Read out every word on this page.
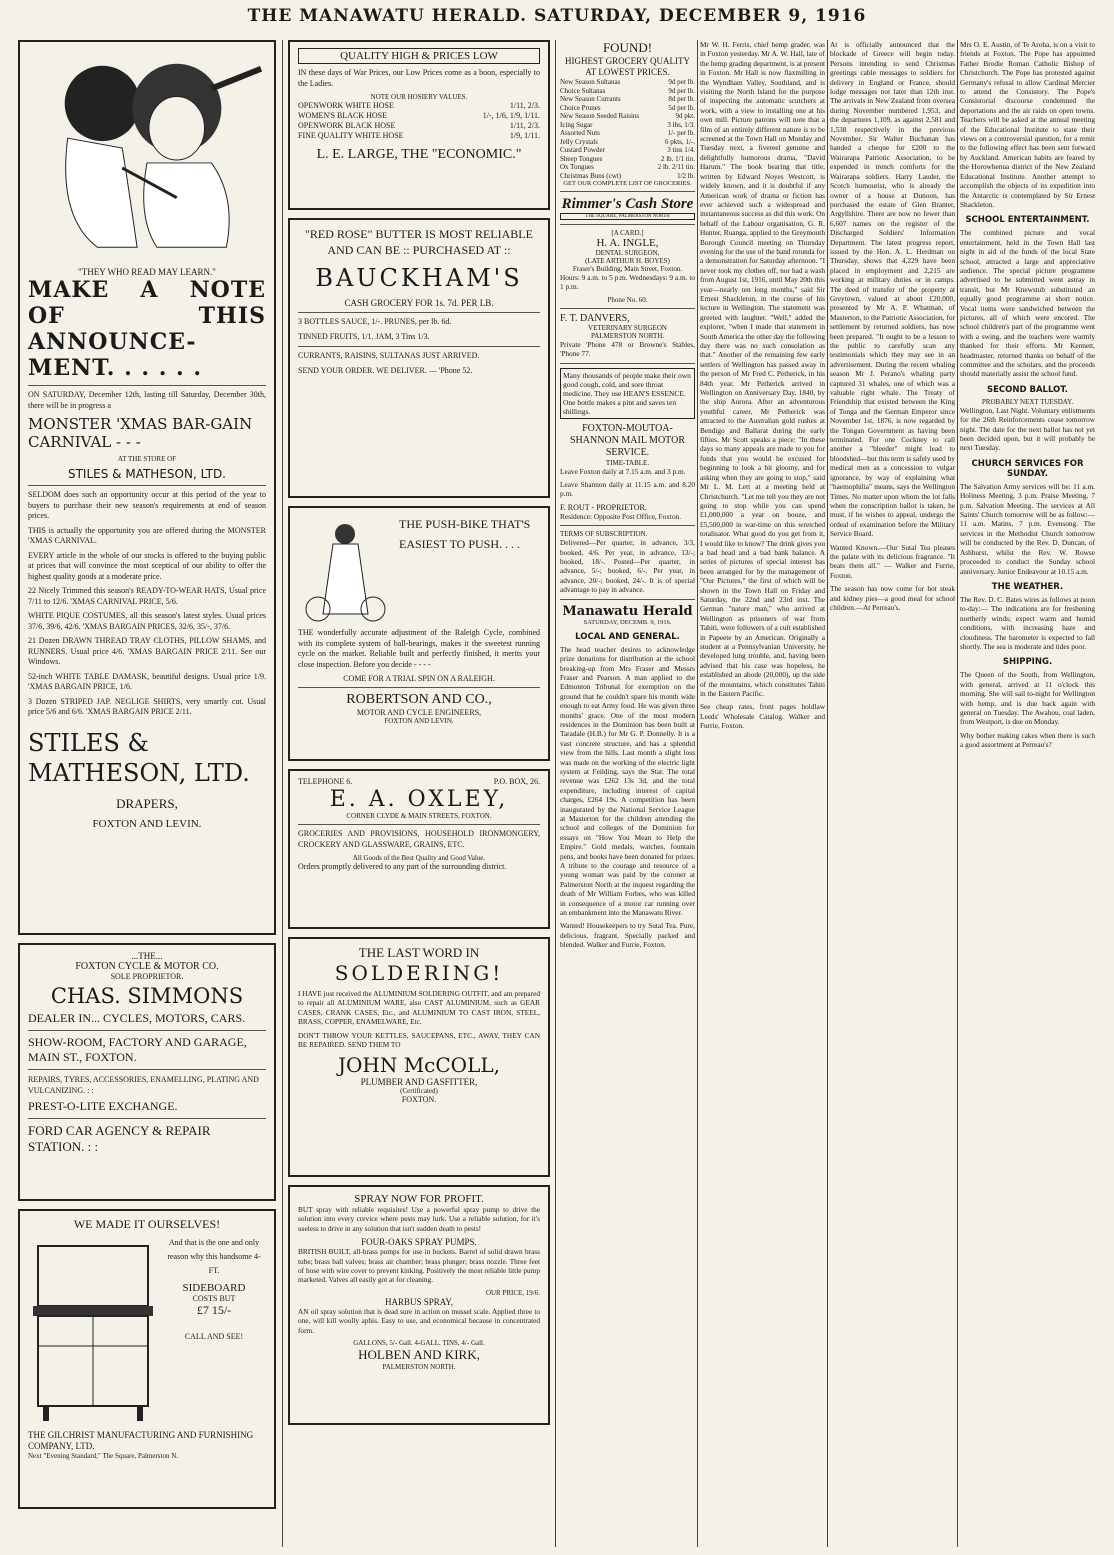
THE MANAWATU HERALD. SATURDAY, DECEMBER 9, 1916
"THEY WHO READ MAY LEARN."
MAKE A NOTE OF THIS ANNOUNCE-MENT. . . . . .

ON SATURDAY, December 12th, lasting till Saturday, December 30th, there will be in progress a

MONSTER 'XMAS BAR-GAIN CARNIVAL - - -
AT THE STORE OF
STILES & MATHESON, LTD.

SELDOM does such an opportunity occur at this period of the year to buyers to purchase their new season's requirements at end of season prices.

THIS is actually the opportunity you are offered during the MONSTER 'XMAS CARNIVAL.

EVERY article in the whole of our stocks is offered to the buying public at prices that will convince the most sceptical of our ability to offer the highest quality goods at a moderate price.

22 Nicely Trimmed this season's READY-TO-WEAR HATS, Usual price 7/11 to 12/6. 'XMAS CARNIVAL PRICE, 5/6.

WHITE PIQUE COSTUMES, all this season's latest styles. Usual prices 37/6, 39/6, 42/6. 'XMAS BARGAIN PRICES, 32/6, 35/-, 37/6.

21 Dozen DRAWN THREAD TRAY CLOTHS, PILLOW SHAMS, and RUNNERS. Usual price 4/6. 'XMAS BARGAIN PRICE 2/11. See our Windows.

52-inch WHITE TABLE DAMASK, beautiful designs. Usual price 1/9. 'XMAS BARGAIN PRICE, 1/6.

3 Dozen STRIPED JAP. NEGLIGE SHIRTS, very smartly cut. Usual price 5/6 and 6/6. 'XMAS BARGAIN PRICE 2/11.

STILES & MATHESON, LTD.
DRAPERS,
FOXTON AND LEVIN.
...THE...
FOXTON CYCLE & MOTOR CO.
SOLE PROPRIETOR.
CHAS. SIMMONS
DEALER IN... CYCLES, MOTORS, CARS.
SHOW-ROOM, FACTORY AND GARAGE, MAIN ST., FOXTON.
REPAIRS, TYRES, ACCESSORIES, ENAMELLING, PLATING AND VULCANIZING. : :
PREST-O-LITE EXCHANGE.
FORD CAR AGENCY & REPAIR STATION. : :
WE MADE IT OURSELVES!
And that is the one and only reason why this handsome 4-FT.
SIDEBOARD
COSTS BUT
£7 15/-
CALL AND SEE!
THE GILCHRIST MANUFACTURING AND FURNISHING COMPANY, LTD.
Next "Evening Standard," The Square, Palmerston N.
QUALITY HIGH & PRICES LOW

IN these days of War Prices, our Low Prices come as a boon, especially to the Ladies.

NOTE OUR HOSIERY VALUES.
OPENWORK WHITE HOSE	1/11, 2/3.
WOMEN'S BLACK HOSE	1/-, 1/6, 1/9, 1/11.
OPENWORK BLACK HOSE	1/11, 2/3.
FINE QUALITY WHITE HOSE	1/9, 1/11.
L. E. LARGE, THE "ECONOMIC."
"RED ROSE" BUTTER IS MOST RELIABLE AND CAN BE :: PURCHASED AT ::
BAUCKHAM'S
CASH GROCERY FOR 1s. 7d. PER LB.

3 BOTTLES SAUCE, 1/-. PRUNES, per lb. 6d.

TINNED FRUITS, 1/1. JAM, 3 Tins 1/3.

CURRANTS, RAISINS, SULTANAS JUST ARRIVED.

SEND YOUR ORDER. WE DELIVER. — 'Phone 52.

THE PUSH-BIKE THAT'S EASIEST TO PUSH. . . .

THE wonderfully accurate adjustment of the Raleigh Cycle, combined with its complete system of ball-bearings, makes it the sweetest running cycle on the market. Reliable built and perfectly finished, it merits your close inspection. Before you decide - - - -

COME FOR A TRIAL SPIN ON A RALEIGH.
ROBERTSON AND CO.,
MOTOR AND CYCLE ENGINEERS,
FOXTON AND LEVIN.
TELEPHONE 6.	P.O. BOX, 26.
E. A. OXLEY,
CORNER CLYDE & MAIN STREETS, FOXTON.

GROCERIES AND PROVISIONS, HOUSEHOLD IRONMONGERY, CROCKERY AND GLASSWARE, GRAINS, ETC.

All Goods of the Best Quality and Good Value.

Orders promptly delivered to any part of the surrounding district.

THE LAST WORD IN
SOLDERING!

I HAVE just received the ALUMINIUM SOLDERING OUTFIT, and am prepared to repair all ALUMINIUM WARE, also CAST ALUMINIUM, such as GEAR CASES, CRANK CASES, Etc., and ALUMINIUM TO CAST IRON, STEEL, BRASS, COPPER, ENAMELWARE, Etc.

DON'T THROW YOUR KETTLES, SAUCEPANS, ETC., AWAY, THEY CAN BE REPAIRED. SEND THEM TO

JOHN McCOLL,
PLUMBER AND GASFITTER,
(Certificated)
FOXTON.
SPRAY NOW FOR PROFIT.

BUT spray with reliable requisites! Use a powerful spray pump to drive the solution into every crevice where pests may lurk. Use a reliable solution, for it's useless to drive in any solution that isn't sudden death to pests!

FOUR-OAKS SPRAY PUMPS.

BRITISH BUILT, all-brass pumps for use in buckets. Barrel of solid drawn brass tube; brass ball valves; brass air chamber; brass plunger; brass nozzle. Three feet of hose with wire cover to prevent kinking. Positively the most reliable little pump marketed. Valves all easily got at for cleaning.

OUR PRICE, 19/6.
HARBUS SPRAY,

AN oil spray solution that is dead sure in action on mussel scale. Applied three to one, will kill woolly aphis. Easy to use, and economical because in concentrated form.

GALLONS, 5/- Gall. 4-GALL. TINS, 4/- Gall.
HOLBEN AND KIRK,
PALMERSTON NORTH.
FOUND!
HIGHEST GROCERY QUALITY AT LOWEST PRICES.
New Season Sultanas	9d per lb.
Choice Sultanas	9d per lb.
New Season Currants	8d per lb.
Choice Prunes	5d per lb.
New Season Seeded Raisins	9d pkt.
Icing Sugar	3 lbs, 1/3.
Assorted Nuts	1/- per lb.
Jelly Crystals	6 pkts, 1/-.
Custard Powder	3 tins 1/4.
Sheep Tongues	2 lb. 1/1 tin.
Ox Tongues	2 lb. 2/11 tin.
Christmas Buns (cwt)	1/2 lb.
GET OUR COMPLETE LIST OF GROCERIES.
Rimmer's Cash Store
THE SQUARE, PALMERSTON NORTH
[A CARD.]
H. A. INGLE,
DENTAL SURGEON,
(LATE ARTHUR H. BOYES)
Fraser's Building, Main Street, Foxton.

Hours: 9 a.m. to 5 p.m. Wednesdays: 9 a.m. to 1 p.m.

Phone No. 60.
F. T. DANVERS,
VETERINARY SURGEON
PALMERSTON NORTH.

Private 'Phone 478 or Browne's Stables, 'Phone 77.

Many thousands of people make their own good cough, cold, and sore throat medicine. They use HEAN'S ESSENCE. One bottle makes a pint and saves ten shillings.

FOXTON-MOUTOA-SHANNON MAIL MOTOR SERVICE.
TIME-TABLE.

Leave Foxton daily at 7.15 a.m. and 3 p.m.

Leave Shannon daily at 11.15 a.m. and 8.20 p.m.

F. ROUT - PROPRIETOR.

Residence: Opposite Post Office, Foxton.

TERMS OF SUBSCRIPTION.

Delivered—Per quarter, in advance, 3/3, booked, 4/6. Per year, in advance, 13/-; booked, 18/-. Posted—Per quarter, in advance, 5/-; booked, 6/-. Per year, in advance, 20/-; booked, 24/-. It is of special advantage to pay in advance.

Manawatu Herald
SATURDAY, DECEMB. 9, 1916.
LOCAL AND GENERAL.

The head teacher desires to acknowledge prize donations for distribution at the school breaking-up from Mrs Fraser and Messrs Fraser and Pearson. A man applied to the Edmonton Tribunal for exemption on the ground that he couldn't spare his month wide enough to eat Army food. He was given three months' grace. One of the most modern residences in the Dominion has been built at Taradale (H.B.) for Mr G. P. Donnelly. It is a vast concrete structure, and has a splendid view from the hills. Last month a slight loss was made on the working of the electric light system at Feilding, says the Star. The total revenue was £262 13s 3d, and the total expenditure, including interest of capital charges, £264 19s. A competition has been inaugurated by the National Service League at Masterton for the children attending the school and colleges of the Dominion for essays on "How You Mean to Help the Empire." Gold medals, watches, fountain pens, and books have been donated for prizes. A tribute to the courage and resource of a young woman was paid by the coroner at Palmerston North at the inquest regarding the death of Mr William Forbes, who was killed in consequence of a motor car running over an embankment into the Manawatu River.

Wanted! Housekeepers to try Sutal Tea. Pure, delicious, fragrant. Specially packed and blended. Walker and Furrie, Foxton.

Mr W. H. Ferris, chief hemp grader, was in Foxton yesterday. Mr A. W. Hall, late of the hemp grading department, is at present in Foxton. Mr Hall is now flaxmilling in the Wyndham Valley, Southland, and is visiting the North Island for the purpose of inspecting the automatic scutchers at work, with a view to installing one at his own mill. Picture patrons will note that a film of an entirely different nature is to be screened at the Town Hall on Monday and Tuesday next, a fivereel genuine and delightfully humorous drama, "David Harum." The book bearing that title, written by Edward Noyes Westcott, is widely known, and it is doubtful if any American work of drama or fiction has ever achieved such a widespread and instantaneous success as did this work. On behalf of the Labour organisation, G. R. Hunter, Ruanga, applied to the Greymouth Borough Council meeting on Thursday evening for the use of the band rotunda for a demonstration for Saturday afternoon. "I never took my clothes off, nor had a wash from August 1st, 1916, until May 20th this year—nearly ten long months," said Sir Ernest Shackleton, in the course of his lecture in Wellington. The statement was greeted with laughter. "Well," added the explorer, "when I made that statement in South America the other day the following day there was no such consolation as that." Another of the remaining few early settlers of Wellington has passed away in the person of Mr Fred C. Petherick, in his 84th year. Mr Petherick arrived in Wellington on Anniversary Day, 1840, by the ship Aurora. After an adventurous youthful career, Mr Petherick was attracted to the Australian gold rushes at Bendigo and Ballarat during the early fifties. Mr Scott speaks a piece: "In these days so many appeals are made to you for funds that you would be excused for beginning to look a bit gloomy, and for asking when they are going to stop," said Mr L. M. Lett at a meeting held at Christchurch. "Let me tell you they are not going to stop while you can spend £1,000,000 a year on booze, and £5,500,000 in war-time on this wretched totalisator. What good do you get from it, I would like to know? The drink gives you a bad head and a bad bank balance. A series of pictures of special interest has been arranged for by the management of "Our Pictures," the first of which will be shown in the Town Hall on Friday and Saturday, the 22nd and 23rd inst. The German "nature man," who arrived at Wellington as prisoners of war from Tahiti, were followers of a cult established in Papeete by an American. Originally a student at a Pennsylvanian University, he developed lung trouble, and, having been advised that his case was hopeless, he established an abode (20,000), up the side of the mountains, which constitutes Tahiti in the Eastern Pacific.

See cheap rates, front pages holdlaw Leeds' Wholesale Catalog. Walker and Furrie, Foxton.

At is officially announced that the blockade of Greece will begin today. Persons intending to send Christmas greetings cable messages to soldiers for delivery in England or France, should lodge messages not later than 12th inst. The arrivals in New Zealand from oversea during November numbered 1,953, and the departures 1,109, as against 2,581 and 1,538 respectively in the previous November. Sir Walter Buchanan has handed a cheque for £200 to the Wairarapa Patriotic Association, to be expended in trench comforts for the Wairarapa soldiers. Harry Lauder, the Scotch humourist, who is already the owner of a house at Dunoon, has purchased the estate of Glen Branter, Argyllshire. There are now no fewer than 6,607 names on the register of the Discharged Soldiers' Information Department. The latest progress report, issued by the Hon. A. L. Herdman on Thursday, shows that 4,229 have been placed in employment and 2,215 are working at military duties or in camps. The deed of transfer of the property at Greytown, valued at about £20,000, presented by Mr A. P. Whatman, of Masterton, to the Patriotic Association, for settlement by returned soldiers, has now been prepared. "It ought to be a lesson to the public to carefully scan any testimonials which they may see in an advertisement. During the recent whaling season Mr J. Perano's whaling party captured 31 whales, one of which was a valuable right whale. The Treaty of Friendship that existed between the King of Tonga and the German Emperor since November 1st, 1876, is now regarded by the Tongan Government as having been terminated. For one Cockney to call another a "bleeder" might lead to bloodshed—but this term is safely used by medical men as a concession to vulgar ignorance, by way of explaining what "haemophilia" means, says the Wellington Times. No matter upon whom the lot falls when the conscription ballot is taken, he must, if he wishes to appeal, undergo the ordeal of examination before the Military Service Board.

Wanted Known.—Our Sutal Tea pleases the palate with its delicious fragrance. "It beats them all." — Walker and Furrie, Foxton.

The season has now come for hot steak and kidney pies—a good meal for school children.—At Perreau's.

Mrs O. E. Austin, of Te Aroha, is on a visit to friends at Foxton. The Pope has appointed Father Brodie Roman Catholic Bishop of Christchurch. The Pope has protested against Germany's refusal to allow Cardinal Mercier to attend the Consistory. The Pope's Consistorial discourse condemned the deportations and the air raids on open towns. Teachers will be asked at the annual meeting of the Educational Institute to state their views on a controversial question, for a remit to the following effect has been sent forward by Auckland. American habits are feared by the Horowhenua district of the New Zealand Educational Institute. Another attempt to accomplish the objects of its expedition into the Antarctic is contemplated by Sir Ernest Shackleton.

SCHOOL ENTERTAINMENT.

The combined picture and vocal entertainment, held in the Town Hall last night in aid of the funds of the local State school, attracted a large and appreciative audience. The special picture programme advertised to be submitted went astray in transit, but Mr Knewstub substituted an equally good programme at short notice. Vocal items were sandwiched between the pictures, all of which were encored. The school children's part of the programme went with a swing, and the teachers were warmly thanked for their efforts. Mr Kennett, headmaster, returned thanks on behalf of the committee and the scholars, and the proceeds should materially assist the school fund.

SECOND BALLOT.
PROBABLY NEXT TUESDAY.

Wellington, Last Night. Voluntary enlistments for the 26th Reinforcements cease tomorrow night. The date for the next ballot has not yet been decided upon, but it will probably be next Tuesday.

CHURCH SERVICES FOR SUNDAY.

The Salvation Army services will be: 11 a.m. Holiness Meeting, 3 p.m. Praise Meeting, 7 p.m. Salvation Meeting. The services at All Saints' Church tomorrow will be as follow:—11 a.m. Matins, 7 p.m. Evensong. The services in the Methodist Church tomorrow will be conducted by the Rev. D. Duncan, of Ashhurst, whilst the Rev. W. Rowse proceeded to conduct the Sunday school anniversary. Junior Endeavour at 10.15 a.m.

THE WEATHER.

The Rev. D. C. Bates wires as follows at noon to-day:— The indications are for freshening northerly winds; expect warm and humid conditions, with increasing haze and cloudiness. The barometer is expected to fall shortly. The sea is moderate and tides poor.

SHIPPING.

The Queen of the South, from Wellington, with general, arrived at 11 o'clock this morning. She will sail to-night for Wellington with hemp, and is due back again with general on Tuesday. The Awahou, coal laden, from Westport, is due on Monday.

Why bother making cakes when there is such a good assortment at Perreau's?
